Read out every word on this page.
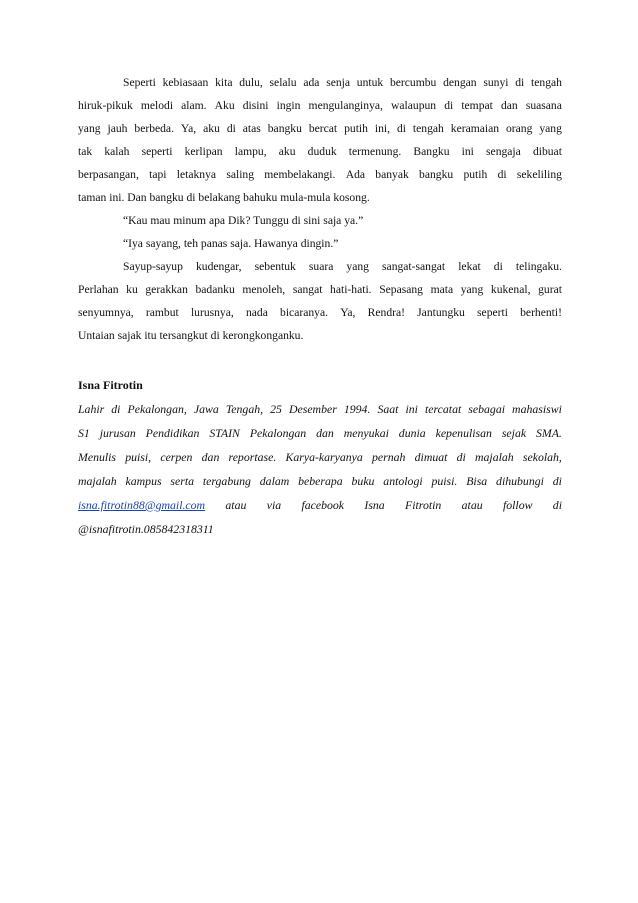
Seperti kebiasaan kita dulu, selalu ada senja untuk bercumbu dengan sunyi di tengah
hiruk-pikuk melodi alam. Aku disini ingin mengulanginya, walaupun di tempat dan suasana
yang jauh berbeda. Ya, aku di atas bangku bercat putih ini, di tengah keramaian orang yang
tak kalah seperti kerlipan lampu, aku duduk termenung. Bangku ini sengaja dibuat
berpasangan, tapi letaknya saling membelakangi. Ada banyak bangku putih di sekeliling
taman ini. Dan bangku di belakang bahuku mula-mula kosong.
“Kau mau minum apa Dik? Tunggu di sini saja ya.”
“Iya sayang, teh panas saja. Hawanya dingin.”
Sayup-sayup kudengar, sebentuk suara yang sangat-sangat lekat di telingaku.
Perlahan ku gerakkan badanku menoleh, sangat hati-hati. Sepasang mata yang kukenal, gurat
senyumnya, rambut lurusnya, nada bicaranya. Ya, Rendra! Jantungku seperti berhenti!
Untaian sajak itu tersangkut di kerongkonganku.
Isna Fitrotin
Lahir di Pekalongan, Jawa Tengah, 25 Desember 1994. Saat ini tercatat sebagai mahasiswi
S1 jurusan Pendidikan STAIN Pekalongan dan menyukai dunia kepenulisan sejak SMA.
Menulis puisi, cerpen dan reportase. Karya-karyanya pernah dimuat di majalah sekolah,
majalah kampus serta tergabung dalam beberapa buku antologi puisi. Bisa dihubungi di
isna.fitrotin88@gmail.com atau via facebook Isna Fitrotin atau follow di
@isnafitrotin.085842318311
